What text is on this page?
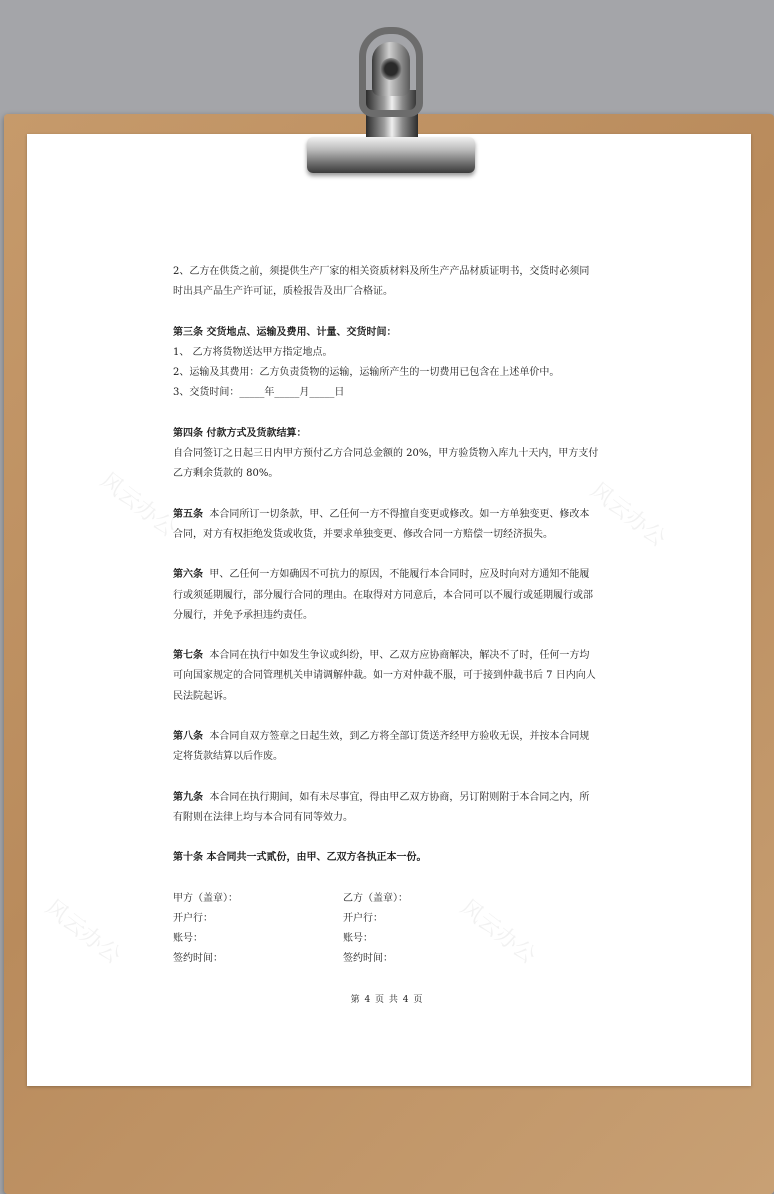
风云办公	风云办公
风云办公	风云办公

2、乙方在供货之前，须提供生产厂家的相关资质材料及所生产产品材质证明书，交货时必须同

时出具产品生产许可证，质检报告及出厂合格证。

第三条 交货地点、运输及费用、计量、交货时间：

1、 乙方将货物送达甲方指定地点。

2、运输及其费用：乙方负责货物的运输，运输所产生的一切费用已包含在上述单价中。

3、交货时间：_____年_____月_____日

第四条 付款方式及货款结算：

自合同签订之日起三日内甲方预付乙方合同总金额的 20%，甲方验货物入库九十天内，甲方支付

乙方剩余货款的 80%。

第五条 本合同所订一切条款，甲、乙任何一方不得擅自变更或修改。如一方单独变更、修改本

合同，对方有权拒绝发货或收货，并要求单独变更、修改合同一方赔偿一切经济损失。

第六条 甲、乙任何一方如确因不可抗力的原因，不能履行本合同时，应及时向对方通知不能履

行或须延期履行，部分履行合同的理由。在取得对方同意后，本合同可以不履行或延期履行或部

分履行，并免予承担违约责任。

第七条 本合同在执行中如发生争议或纠纷，甲、乙双方应协商解决，解决不了时，任何一方均

可向国家规定的合同管理机关申请调解仲裁。如一方对仲裁不服，可于接到仲裁书后 7 日内向人

民法院起诉。

第八条 本合同自双方签章之日起生效，到乙方将全部订货送齐经甲方验收无误，并按本合同规

定将货款结算以后作废。

第九条 本合同在执行期间，如有未尽事宜，得由甲乙双方协商，另订附则附于本合同之内，所

有附则在法律上均与本合同有同等效力。

第十条 本合同共一式贰份，由甲、乙双方各执正本一份。

甲方（盖章）：	乙方（盖章）：
开户行：	开户行：
账号：	账号：
签约时间：	签约时间：
第 4 页 共 4 页
